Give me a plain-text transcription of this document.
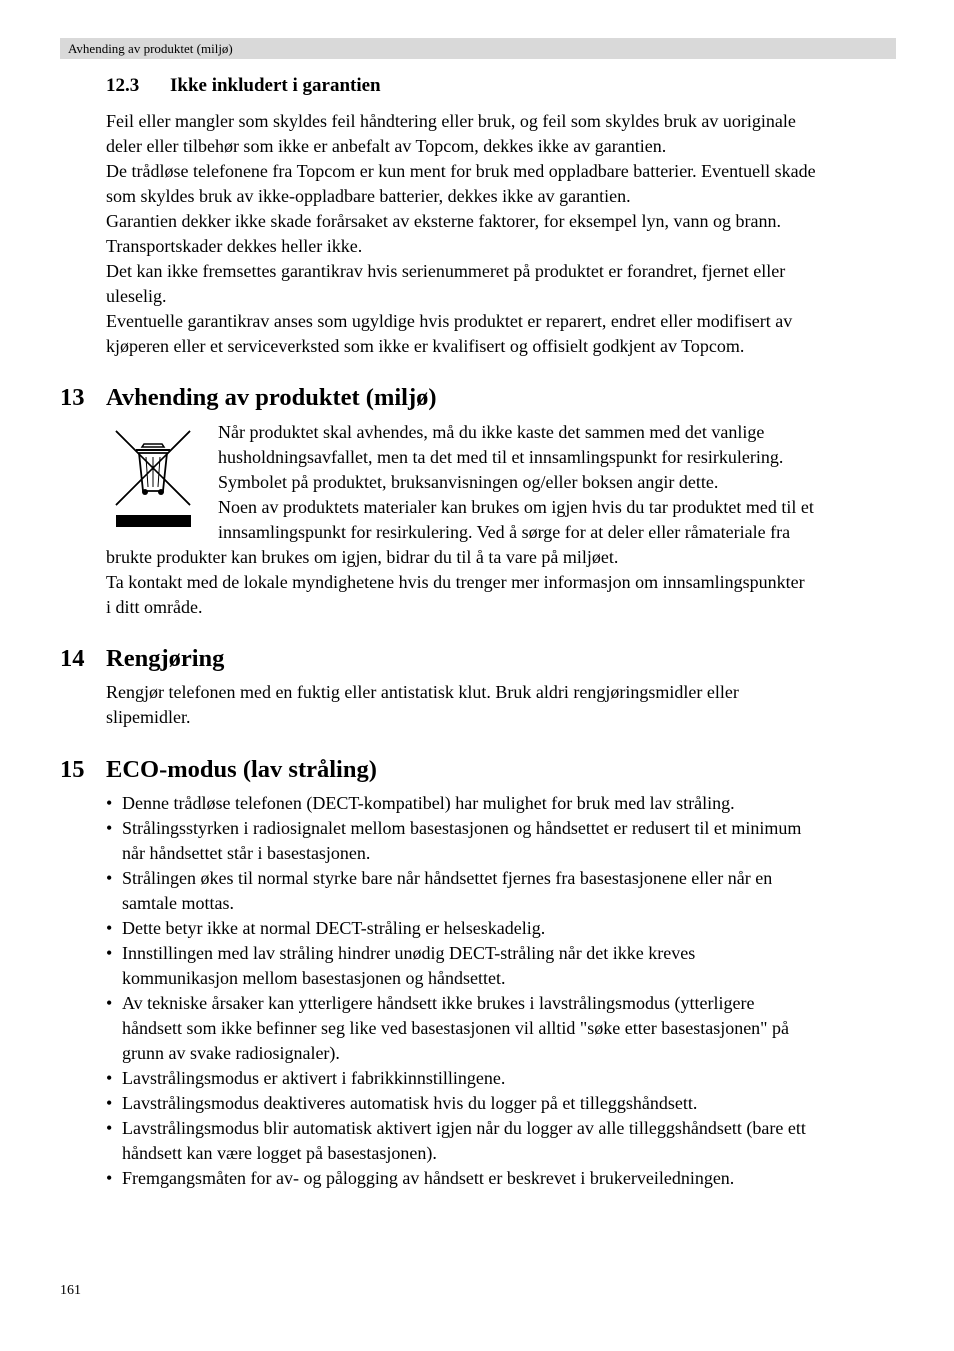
Avhending av produktet (miljø)
12.3 Ikke inkludert i garantien
Feil eller mangler som skyldes feil håndtering eller bruk, og feil som skyldes bruk av uoriginale
deler eller tilbehør som ikke er anbefalt av Topcom, dekkes ikke av garantien.
De trådløse telefonene fra Topcom er kun ment for bruk med oppladbare batterier. Eventuell skade
som skyldes bruk av ikke-oppladbare batterier, dekkes ikke av garantien.
Garantien dekker ikke skade forårsaket av eksterne faktorer, for eksempel lyn, vann og brann.
Transportskader dekkes heller ikke.
Det kan ikke fremsettes garantikrav hvis serienummeret på produktet er forandret, fjernet eller
uleselig.
Eventuelle garantikrav anses som ugyldige hvis produktet er reparert, endret eller modifisert av
kjøperen eller et serviceverksted som ikke er kvalifisert og offisielt godkjent av Topcom.
13 Avhending av produktet (miljø)
Når produktet skal avhendes, må du ikke kaste det sammen med det vanlige
husholdningsavfallet, men ta det med til et innsamlingspunkt for resirkulering.
Symbolet på produktet, bruksanvisningen og/eller boksen angir dette.
Noen av produktets materialer kan brukes om igjen hvis du tar produktet med til et
innsamlingspunkt for resirkulering. Ved å sørge for at deler eller råmateriale fra
brukte produkter kan brukes om igjen, bidrar du til å ta vare på miljøet.
Ta kontakt med de lokale myndighetene hvis du trenger mer informasjon om innsamlingspunkter
i ditt område.
14 Rengjøring
Rengjør telefonen med en fuktig eller antistatisk klut. Bruk aldri rengjøringsmidler eller
slipemidler.
15 ECO-modus (lav stråling)
• Denne trådløse telefonen (DECT-kompatibel) har mulighet for bruk med lav stråling.
• Strålingsstyrken i radiosignalet mellom basestasjonen og håndsettet er redusert til et minimum
når håndsettet står i basestasjonen.
• Strålingen økes til normal styrke bare når håndsettet fjernes fra basestasjonene eller når en
samtale mottas.
• Dette betyr ikke at normal DECT-stråling er helseskadelig.
• Innstillingen med lav stråling hindrer unødig DECT-stråling når det ikke kreves
kommunikasjon mellom basestasjonen og håndsettet.
• Av tekniske årsaker kan ytterligere håndsett ikke brukes i lavstrålingsmodus (ytterligere
håndsett som ikke befinner seg like ved basestasjonen vil alltid "søke etter basestasjonen" på
grunn av svake radiosignaler).
• Lavstrålingsmodus er aktivert i fabrikkinnstillingene.
• Lavstrålingsmodus deaktiveres automatisk hvis du logger på et tilleggshåndsett.
• Lavstrålingsmodus blir automatisk aktivert igjen når du logger av alle tilleggshåndsett (bare ett
håndsett kan være logget på basestasjonen).
• Fremgangsmåten for av- og pålogging av håndsett er beskrevet i brukerveiledningen.
161
